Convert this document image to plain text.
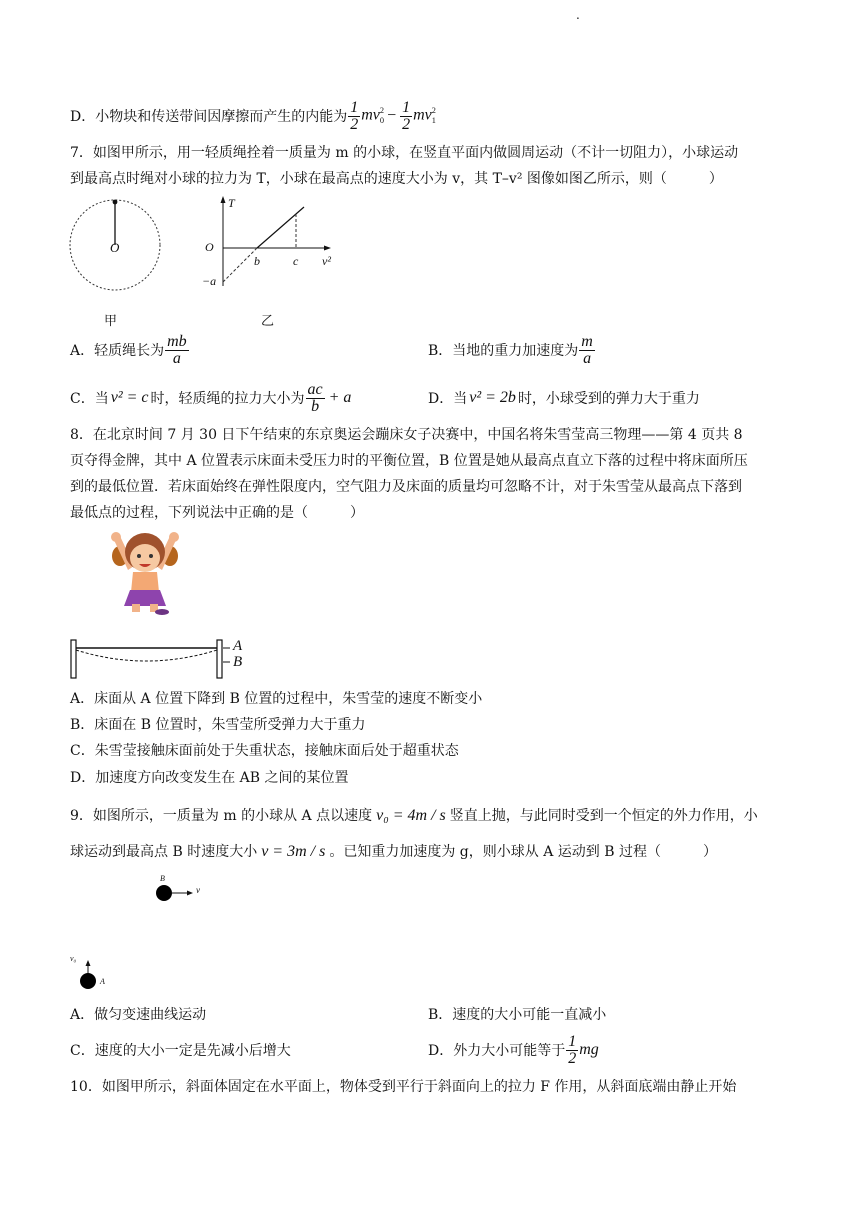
.
D． 小物块和传送带间因摩擦而产生的内能为 $\frac{1}{2}$ mv 2
$0 - \frac{1}{2}$ mv 2
1
7．如图甲所示，用一轻质绳拴着一质量为 m 的小球，在竖直平面内做圆周运动（不计一切阻力），小球运动
到最高点时绳对小球的拉力为 T，小球在最高点的速度大小为 v，其 T–v² 图像如图乙所示，则（　　　）
O
甲
T
O
−a
b	c v²
乙
A． 轻质绳长为 $\frac{mb}{a}$	B． 当地的重力加速度为 $\frac{m}{a}$
C． 当 v² = c 时，轻质绳的拉力大小为 $\frac{ac}{b} + a$	D． 当 v² = 2b 时，小球受到的弹力大于重力
8．在北京时间 7 月 30 日下午结束的东京奥运会蹦床女子决赛中，中国名将朱雪莹高三物理——第 4 页共 8
页夺得金牌，其中 A 位置表示床面未受压力时的平衡位置，B 位置是她从最高点直立下落的过程中将床面所压
到的最低位置．若床面始终在弹性限度内，空气阻力及床面的质量均可忽略不计，对于朱雪莹从最高点下落到
最低点的过程，下列说法中正确的是（　　　）
A
B
A．床面从 A 位置下降到 B 位置的过程中，朱雪莹的速度不断变小
B．床面在 B 位置时，朱雪莹所受弹力大于重力
C．朱雪莹接触床面前处于失重状态，接触床面后处于超重状态
D．加速度方向改变发生在 AB 之间的某位置
9．如图所示，一质量为 m 的小球从 A 点以速度 v₀ = 4m / s 竖直上抛，与此同时受到一个恒定的外力作用，小
球运动到最高点 B 时速度大小 v = 3m / s 。已知重力加速度为 g，则小球从 A 运动到 B 过程（　　　）
B
v
v₀
A
A．做匀变速曲线运动	B．速度的大小可能一直减小
C．速度的大小一定是先减小后增大	D．外力大小可能等于 $\frac{1}{2}$ mg
10．如图甲所示，斜面体固定在水平面上，物体受到平行于斜面向上的拉力 F 作用，从斜面底端由静止开始
